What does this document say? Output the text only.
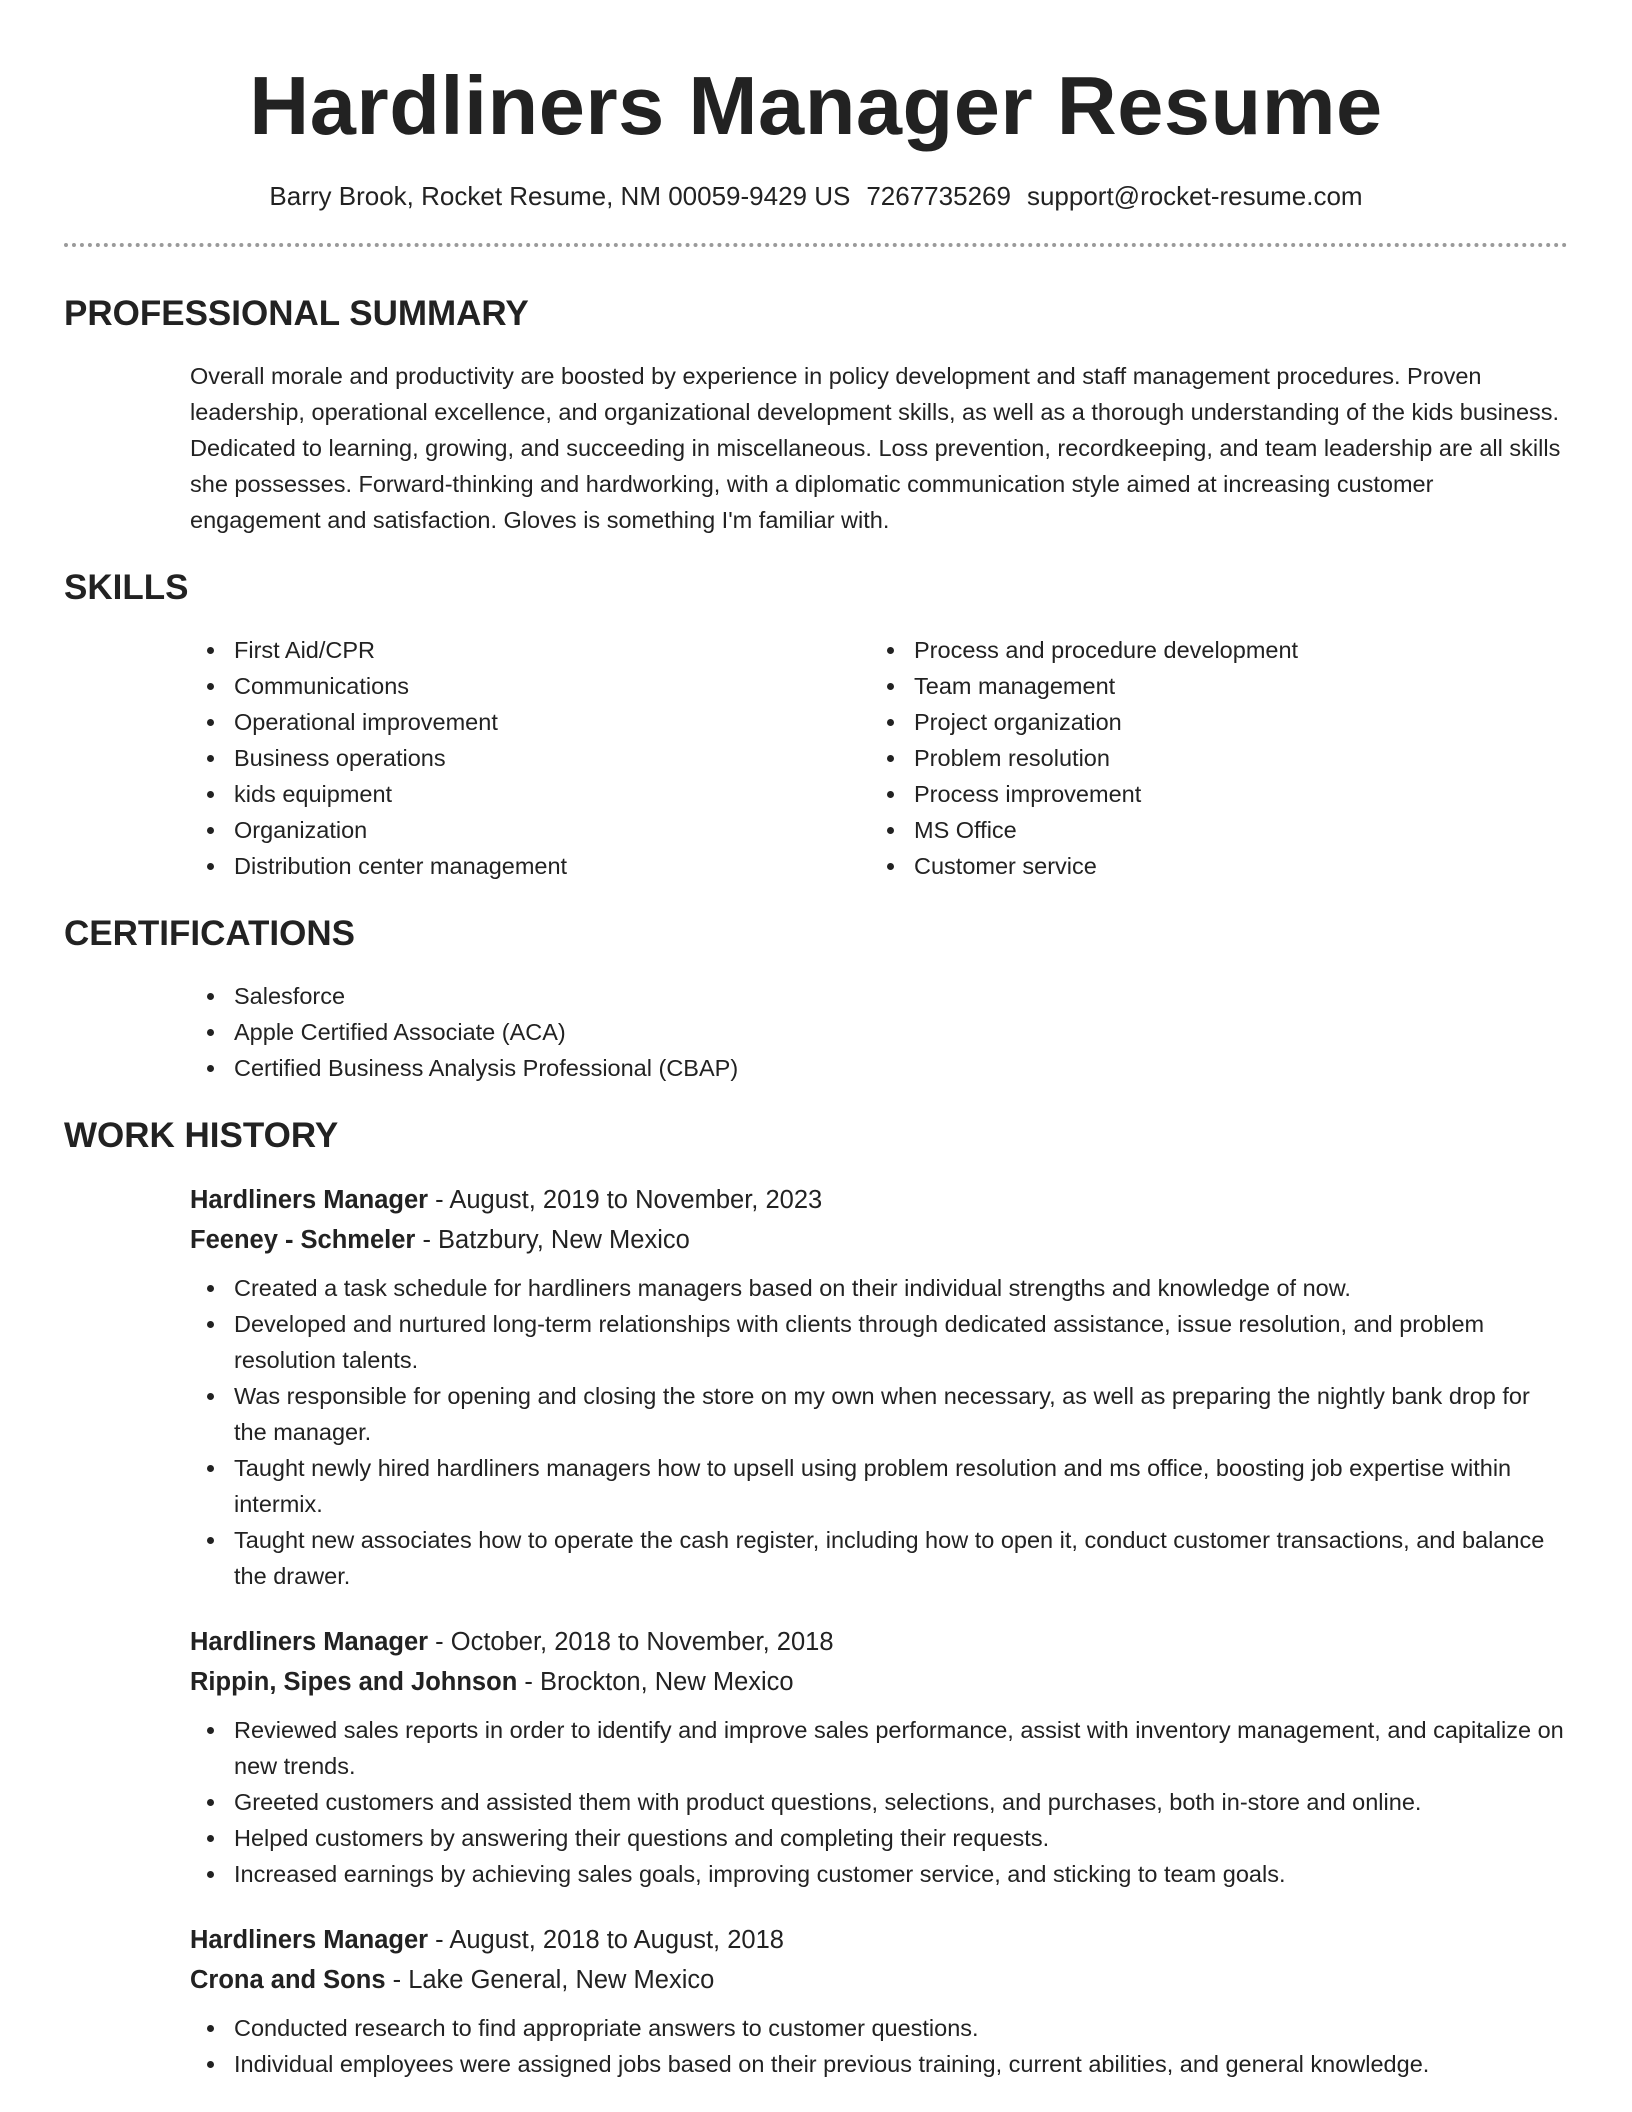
Hardliners Manager Resume
Barry Brook, Rocket Resume, NM 00059-9429 US 7267735269 support@rocket-resume.com
PROFESSIONAL SUMMARY
Overall morale and productivity are boosted by experience in policy development and staff management procedures. Proven leadership, operational excellence, and organizational development skills, as well as a thorough understanding of the kids business. Dedicated to learning, growing, and succeeding in miscellaneous. Loss prevention, recordkeeping, and team leadership are all skills she possesses. Forward-thinking and hardworking, with a diplomatic communication style aimed at increasing customer engagement and satisfaction. Gloves is something I'm familiar with.
SKILLS
First Aid/CPR
Communications
Operational improvement
Business operations
kids equipment
Organization
Distribution center management
Process and procedure development
Team management
Project organization
Problem resolution
Process improvement
MS Office
Customer service
CERTIFICATIONS
Salesforce
Apple Certified Associate (ACA)
Certified Business Analysis Professional (CBAP)
WORK HISTORY
Hardliners Manager - August, 2019 to November, 2023
Feeney - Schmeler - Batzbury, New Mexico
Created a task schedule for hardliners managers based on their individual strengths and knowledge of now.
Developed and nurtured long-term relationships with clients through dedicated assistance, issue resolution, and problem resolution talents.
Was responsible for opening and closing the store on my own when necessary, as well as preparing the nightly bank drop for the manager.
Taught newly hired hardliners managers how to upsell using problem resolution and ms office, boosting job expertise within intermix.
Taught new associates how to operate the cash register, including how to open it, conduct customer transactions, and balance the drawer.
Hardliners Manager - October, 2018 to November, 2018
Rippin, Sipes and Johnson - Brockton, New Mexico
Reviewed sales reports in order to identify and improve sales performance, assist with inventory management, and capitalize on new trends.
Greeted customers and assisted them with product questions, selections, and purchases, both in-store and online.
Helped customers by answering their questions and completing their requests.
Increased earnings by achieving sales goals, improving customer service, and sticking to team goals.
Hardliners Manager - August, 2018 to August, 2018
Crona and Sons - Lake General, New Mexico
Conducted research to find appropriate answers to customer questions.
Individual employees were assigned jobs based on their previous training, current abilities, and general knowledge.
